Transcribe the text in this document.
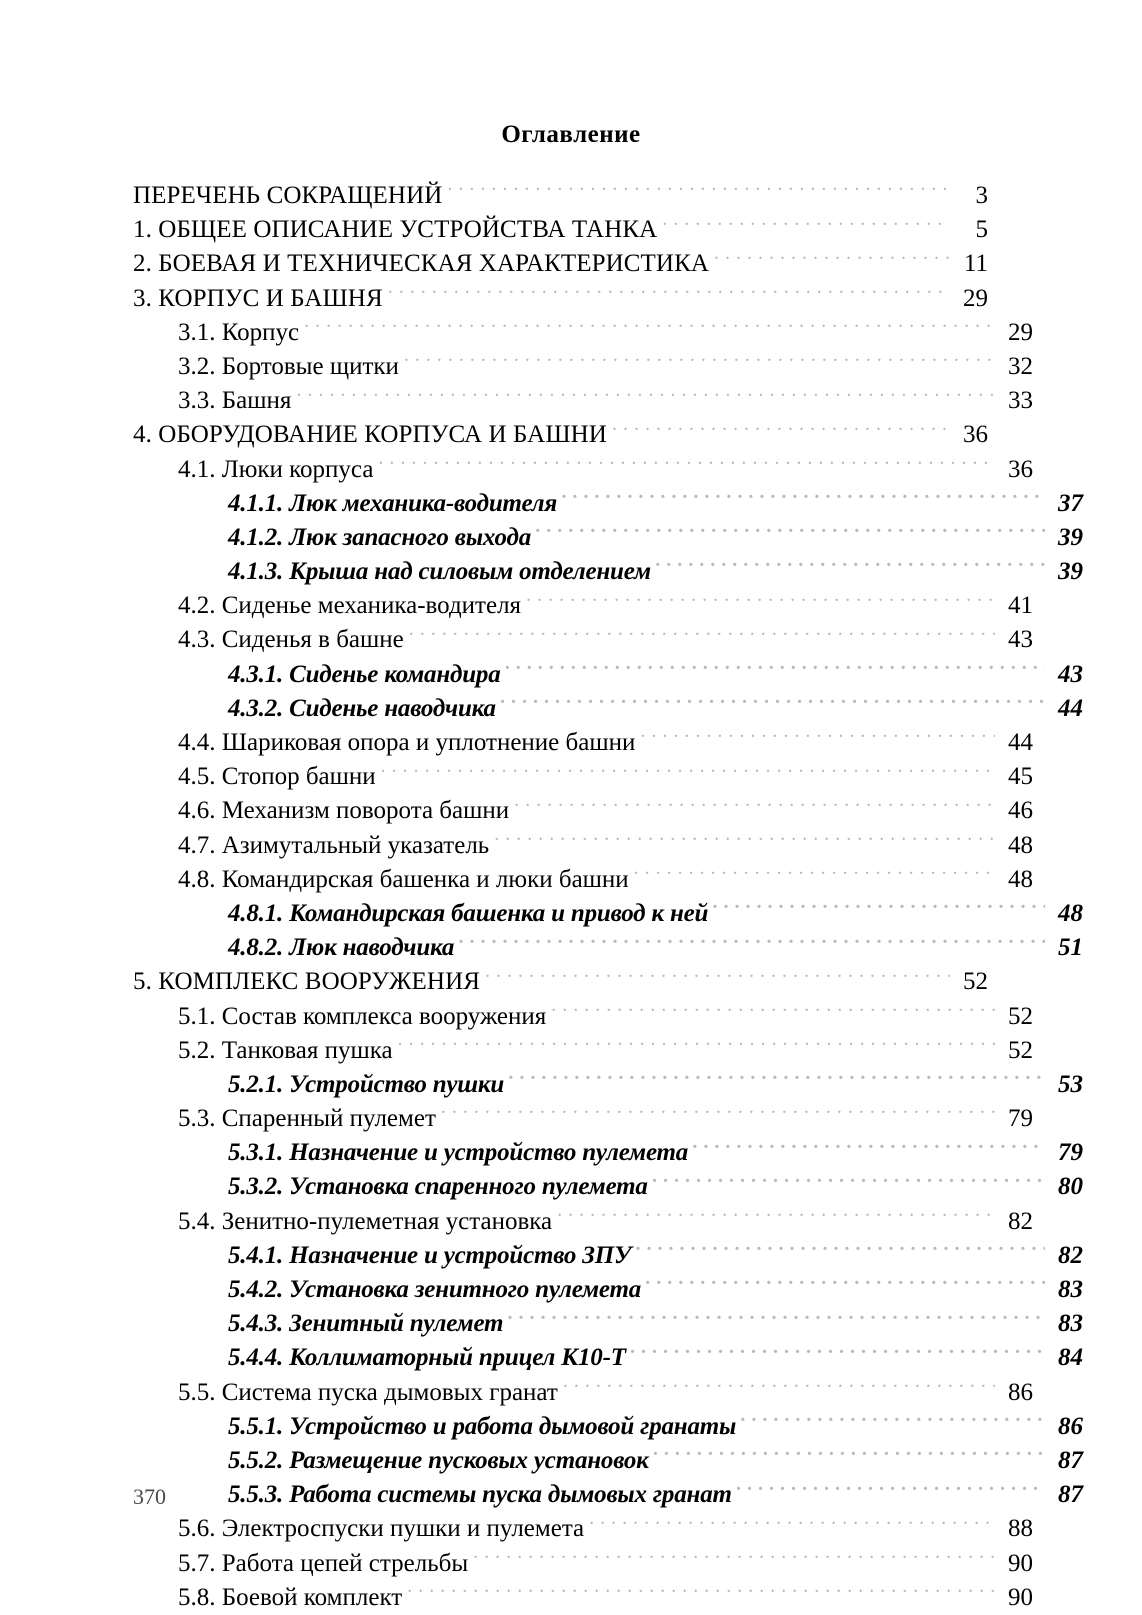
Оглавление
ПЕРЕЧЕНЬ СОКРАЩЕНИЙ . . .	3
1. ОБЩЕЕ ОПИСАНИЕ УСТРОЙСТВА ТАНКА . . .	5
2. БОЕВАЯ И ТЕХНИЧЕСКАЯ ХАРАКТЕРИСТИКА . . .	11
3. КОРПУС И БАШНЯ . . .	29
3.1. Корпус . . .	29
3.2. Бортовые щитки . . .	32
3.3. Башня . . .	33
4. ОБОРУДОВАНИЕ КОРПУСА И БАШНИ . . .	36
4.1. Люки корпуса . . .	36
4.1.1. Люк механика-водителя . . .	37
4.1.2. Люк запасного выхода . . .	39
4.1.3. Крыша над силовым отделением . . .	39
4.2. Сиденье механика-водителя . . .	41
4.3. Сиденья в башне . . .	43
4.3.1. Сиденье командира . . .	43
4.3.2. Сиденье наводчика . . .	44
4.4. Шариковая опора и уплотнение башни . . .	44
4.5. Стопор башни . . .	45
4.6. Механизм поворота башни . . .	46
4.7. Азимутальный указатель . . .	48
4.8. Командирская башенка и люки башни . . .	48
4.8.1. Командирская башенка и привод к ней . . .	48
4.8.2. Люк наводчика . . .	51
5. КОМПЛЕКС ВООРУЖЕНИЯ . . .	52
5.1. Состав комплекса вооружения . . .	52
5.2. Танковая пушка . . .	52
5.2.1. Устройство пушки . . .	53
5.3. Спаренный пулемет . . .	79
5.3.1. Назначение и устройство пулемета . . .	79
5.3.2. Установка спаренного пулемета . . .	80
5.4. Зенитно-пулеметная установка . . .	82
5.4.1. Назначение и устройство ЗПУ . . .	82
5.4.2. Установка зенитного пулемета . . .	83
5.4.3. Зенитный пулемет . . .	83
5.4.4. Коллиматорный прицел К10-Т . . .	84
5.5. Система пуска дымовых гранат . . .	86
5.5.1. Устройство и работа дымовой гранаты . . .	86
5.5.2. Размещение пусковых установок . . .	87
5.5.3. Работа системы пуска дымовых гранат . . .	87
5.6. Электроспуски пушки и пулемета . . .	88
5.7. Работа цепей стрельбы . . .	90
5.8. Боевой комплект . . .	90
370
